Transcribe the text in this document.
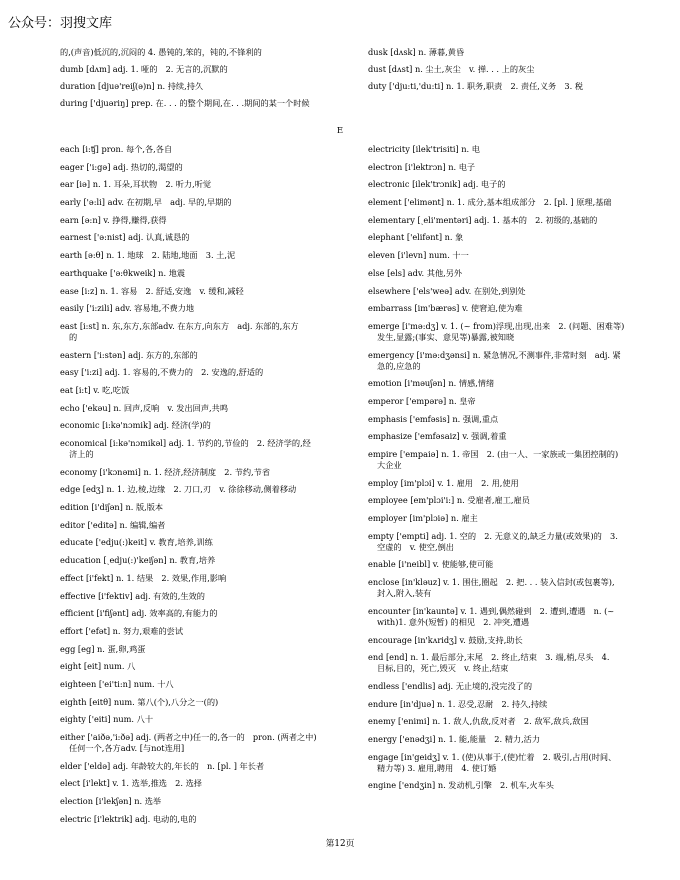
公众号：羽搜文库
的,(声音)低沉的,沉闷的 4. 愚钝的,笨的，钝的,不锋利的
dumb [dʌm] adj. 1. 哑的　2. 无言的,沉默的
duration [djuə'reiʃ(ə)n] n. 持续,持久
during ['djuəriŋ] prep. 在. . . 的整个期间,在. . .期间的某一个时候
dusk [dʌsk] n. 薄暮,黄昏
dust [dʌst] n. 尘土,灰尘　v. 掸. . . 上的灰尘
duty ['dju:ti,'du:ti] n. 1. 职务,职责　2. 责任,义务　3. 税
E
each [i:ʧ] pron. 每个,各,各自
eager ['i:gə] adj. 热切的,渴望的
ear [iə] n. 1. 耳朵,耳状物　2. 听力,听觉
early ['ə:li] adv. 在初期,早　adj. 早的,早期的
earn [ə:n] v. 挣得,赚得,获得
earnest ['ə:nist] adj. 认真,诚恳的
earth [ə:θ] n. 1. 地球　2. 陆地,地面　3. 土,泥
earthquake ['ə:θkweik] n. 地震
ease [i:z] n. 1. 容易　2. 舒适,安逸　v. 缓和,减轻
easily ['i:zili] adv. 容易地,不费力地
east [i:st] n. 东,东方,东部adv. 在东方,向东方　adj. 东部的,东方
的
eastern ['i:stən] adj. 东方的,东部的
easy ['i:zi] adj. 1. 容易的,不费力的　2. 安逸的,舒适的
eat [i:t] v. 吃,吃饭
echo ['ekəu] n. 回声,反响　v. 发出回声,共鸣
economic [i:kə'nɔmik] adj. 经济(学)的
economical [i:kə'nɔmikəl] adj. 1. 节约的,节俭的　2. 经济学的,经
济上的
economy [i'kɔnəmi] n. 1. 经济,经济制度　2. 节约,节省
edge [edʒ] n. 1. 边,棱,边缘　2. 刀口,刃　v. 徐徐移动,侧着移动
edition [i'diʃən] n. 版,版本
editor ['editə] n. 编辑,编者
educate ['edju(:)keit] v. 教育,培养,训练
education [ˏedju(:)'keiʃən] n. 教育,培养
effect [i'fekt] n. 1. 结果　2. 效果,作用,影响
effective [i'fektiv] adj. 有效的,生效的
efficient [i'fiʃənt] adj. 效率高的,有能力的
effort ['efət] n. 努力,艰难的尝试
egg [eg] n. 蛋,卵,鸡蛋
eight [eit] num. 八
eighteen ['ei'ti:n] num. 十八
eighth [eitθ] num. 第八(个),八分之一(的)
eighty ['eiti] num. 八十
either ['aiðə,'i:ðə] adj. (两者之中)任一的,各一的　pron. (两者之中)
任何一个,各方adv. [与not连用]
elder ['eldə] adj. 年龄较大的,年长的　n. [pl. ] 年长者
elect [i'lekt] v. 1. 选举,推选　2. 选择
election [i'lekʃən] n. 选举
electric [i'lektrik] adj. 电动的,电的
electricity [ilek'trisiti] n. 电
electron [i'lektrɔn] n. 电子
electronic [ilek'trɔnik] adj. 电子的
element ['elimənt] n. 1. 成分,基本组成部分　2. [pl. ] 原理,基础
elementary [ˏeli'mentəri] adj. 1. 基本的　2. 初级的,基础的
elephant ['elifənt] n. 象
eleven [i'levn] num. 十一
else [els] adv. 其他,另外
elsewhere ['els'weə] adv. 在别处,到别处
embarrass [im'bærəs] v. 使窘迫,使为难
emerge [i'mə:dʒ] v. 1. (~ from)浮现,出现,出来　2. (问题、困难等)
发生,显露;(事实、意见等)暴露,被知晓
emergency [i'mə:dʒənsi] n. 紧急情况,不测事件,非常时刻　adj. 紧
急的,应急的
emotion [i'məuʃən] n. 情感,情绪
emperor ['empərə] n. 皇帝
emphasis ['emfəsis] n. 强调,重点
emphasize ['emfəsaiz] v. 强调,着重
empire ['empaiə] n. 1. 帝国　2. (由一人、一家族或一集团控制的)
大企业
employ [im'plɔi] v. 1. 雇用　2. 用,使用
employee [em'plɔi'i:] n. 受雇者,雇工,雇员
employer [im'plɔiə] n. 雇主
empty ['empti] adj. 1. 空的　2. 无意义的,缺乏力量(或效果)的　3.
空虚的　v. 使空,倒出
enable [i'neibl] v. 使能够,使可能
enclose [in'kləuz] v. 1. 围住,圈起　2. 把. . . 装入信封(或包裹等),
封入,附入,装有
encounter [in'kauntə] v. 1. 遇到,偶然碰到　2. 遭到,遭遇　n. (~
with)1. 意外(短暂) 的相见　2. 冲突,遭遇
encourage [in'kʌridʒ] v. 鼓励,支持,助长
end [end] n. 1. 最后部分,末尾　2. 终止,结束　3. 端,梢,尽头　4.
目标,目的，死亡,毁灭　v. 终止,结束
endless ['endlis] adj. 无止境的,没完没了的
endure [in'djuə] n. 1. 忍受,忍耐　2. 持久,持续
enemy ['enimi] n. 1. 敌人,仇敌,反对者　2. 敌军,敌兵,敌国
energy ['enədʒi] n. 1. 能,能量　2. 精力,活力
engage [in'geidʒ] v. 1. (使)从事于,(使)忙着　2. 吸引,占用(时间、
精力等) 3. 雇用,聘用　4. 使订婚
engine ['endʒin] n. 发动机,引擎　2. 机车,火车头
第12页
